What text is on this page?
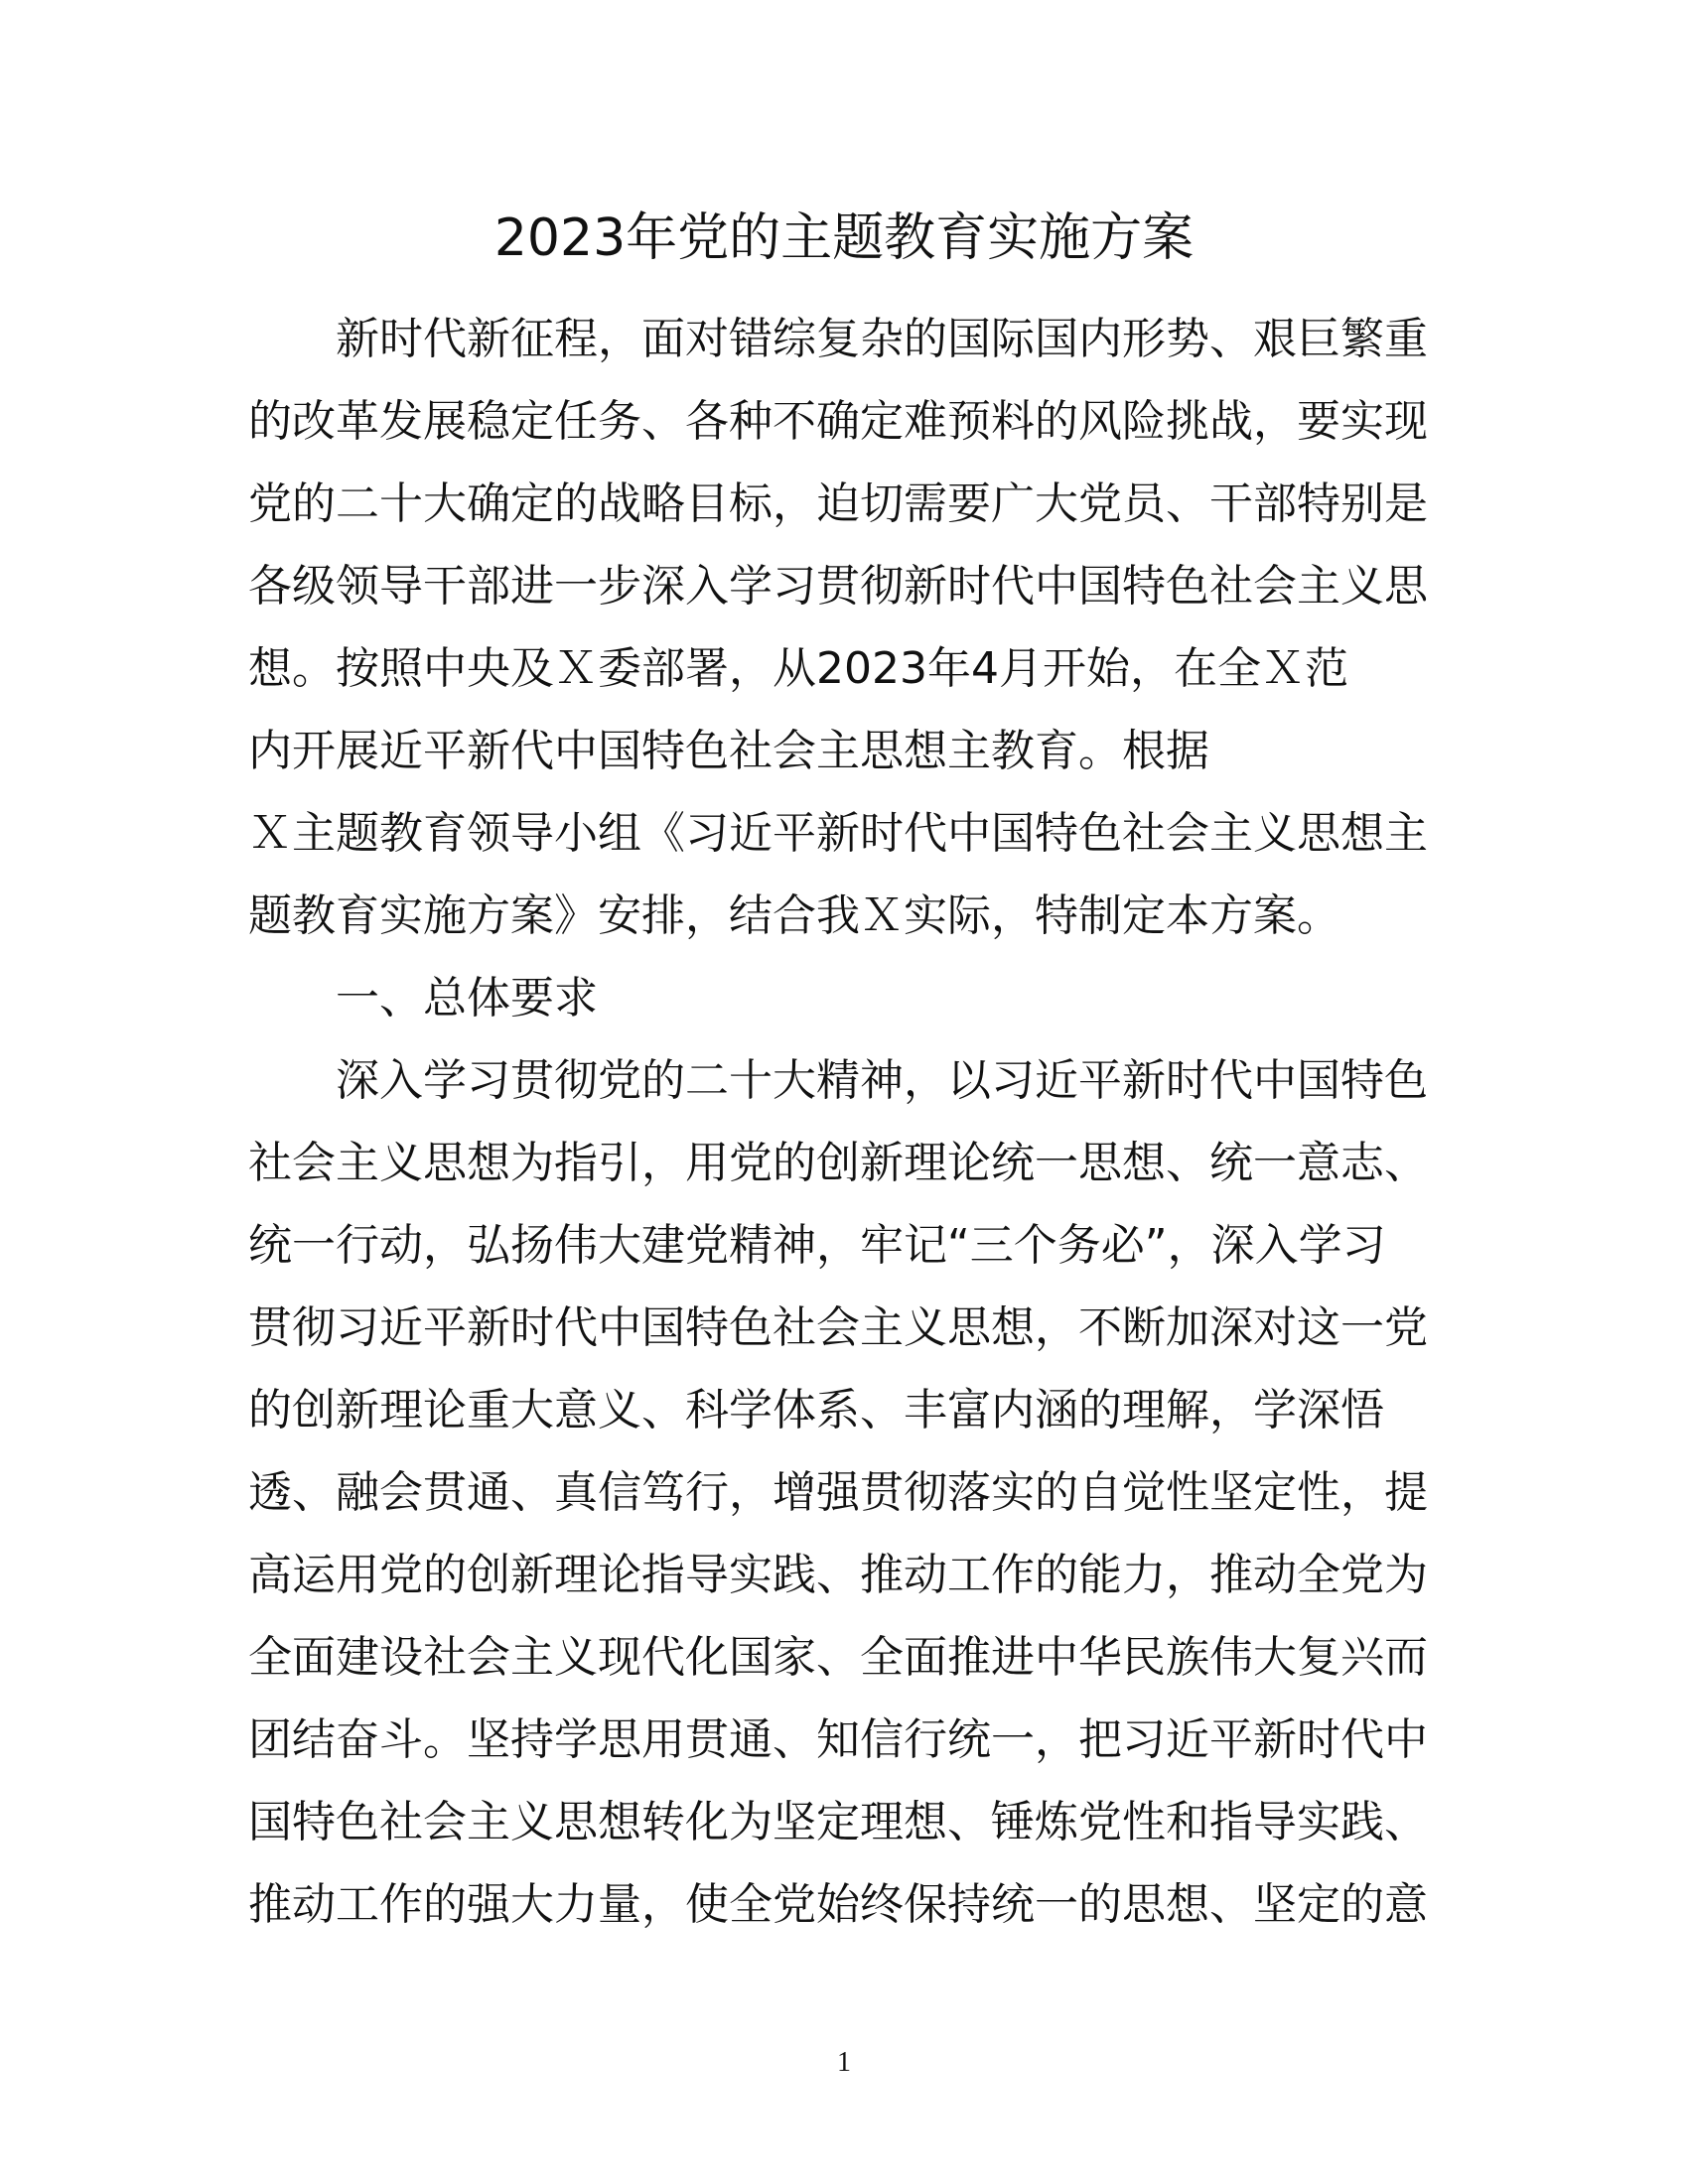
2023年党的主题教育实施方案

新时代新征程，面对错综复杂的国际国内形势、艰巨繁重
的改革发展稳定任务、各种不确定难预料的风险挑战，要实现
党的二十大确定的战略目标，迫切需要广大党员、干部特别是
各级领导干部进一步深入学习贯彻新时代中国特色社会主义思
想。按照中央及Ｘ委部署，从2023年4月开始，在全Ｘ范
内开展近平新代中国特色社会主思想主教育。根据
Ｘ主题教育领导小组《习近平新时代中国特色社会主义思想主
题教育实施方案》安排，结合我Ｘ实际，特制定本方案。

一、总体要求

深入学习贯彻党的二十大精神，以习近平新时代中国特色
社会主义思想为指引，用党的创新理论统一思想、统一意志、
统一行动，弘扬伟大建党精神，牢记“三个务必”，深入学习
贯彻习近平新时代中国特色社会主义思想，不断加深对这一党
的创新理论重大意义、科学体系、丰富内涵的理解，学深悟
透、融会贯通、真信笃行，增强贯彻落实的自觉性坚定性，提
高运用党的创新理论指导实践、推动工作的能力，推动全党为
全面建设社会主义现代化国家、全面推进中华民族伟大复兴而
团结奋斗。坚持学思用贯通、知信行统一，把习近平新时代中
国特色社会主义思想转化为坚定理想、锤炼党性和指导实践、
推动工作的强大力量，使全党始终保持统一的思想、坚定的意

1
